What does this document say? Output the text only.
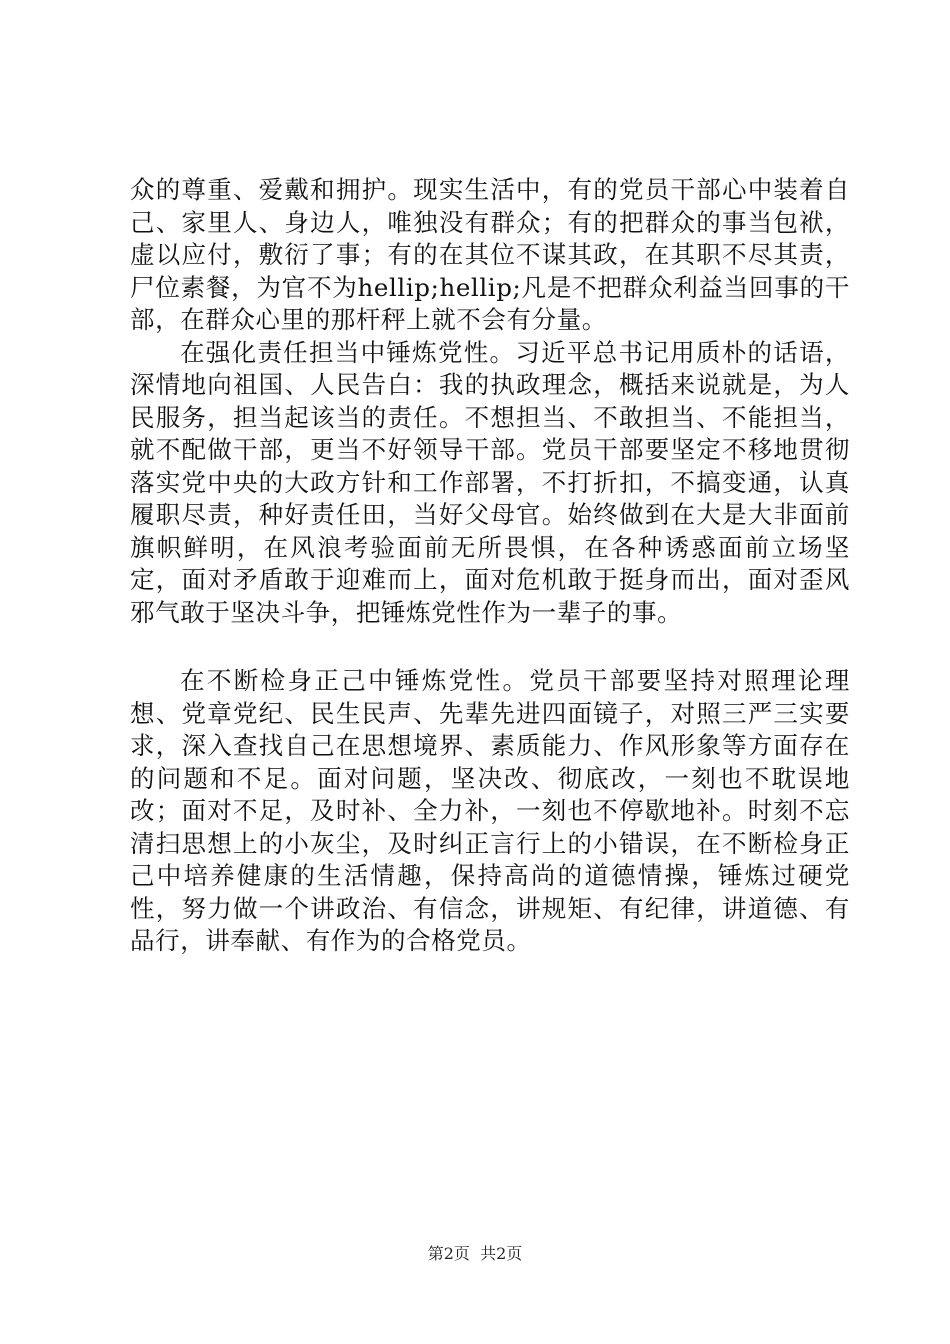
众的尊重、爱戴和拥护。现实生活中，有的党员干部心中装着自己、家里人、身边人，唯独没有群众；有的把群众的事当包袱，虚以应付，敷衍了事；有的在其位不谋其政，在其职不尽其责，尸位素餐，为官不为hellip;hellip;凡是不把群众利益当回事的干部，在群众心里的那杆秤上就不会有分量。

在强化责任担当中锤炼党性。习近平总书记用质朴的话语，深情地向祖国、人民告白：我的执政理念，概括来说就是，为人民服务，担当起该当的责任。不想担当、不敢担当、不能担当，就不配做干部，更当不好领导干部。党员干部要坚定不移地贯彻落实党中央的大政方针和工作部署，不打折扣，不搞变通，认真履职尽责，种好责任田，当好父母官。始终做到在大是大非面前旗帜鲜明，在风浪考验面前无所畏惧，在各种诱惑面前立场坚定，面对矛盾敢于迎难而上，面对危机敢于挺身而出，面对歪风邪气敢于坚决斗争，把锤炼党性作为一辈子的事。

在不断检身正己中锤炼党性。党员干部要坚持对照理论理想、党章党纪、民生民声、先辈先进四面镜子，对照三严三实要求，深入查找自己在思想境界、素质能力、作风形象等方面存在的问题和不足。面对问题，坚决改、彻底改，一刻也不耽误地改；面对不足，及时补、全力补，一刻也不停歇地补。时刻不忘清扫思想上的小灰尘，及时纠正言行上的小错误，在不断检身正己中培养健康的生活情趣，保持高尚的道德情操，锤炼过硬党性，努力做一个讲政治、有信念，讲规矩、有纪律，讲道德、有品行，讲奉献、有作为的合格党员。

第2页  共2页
